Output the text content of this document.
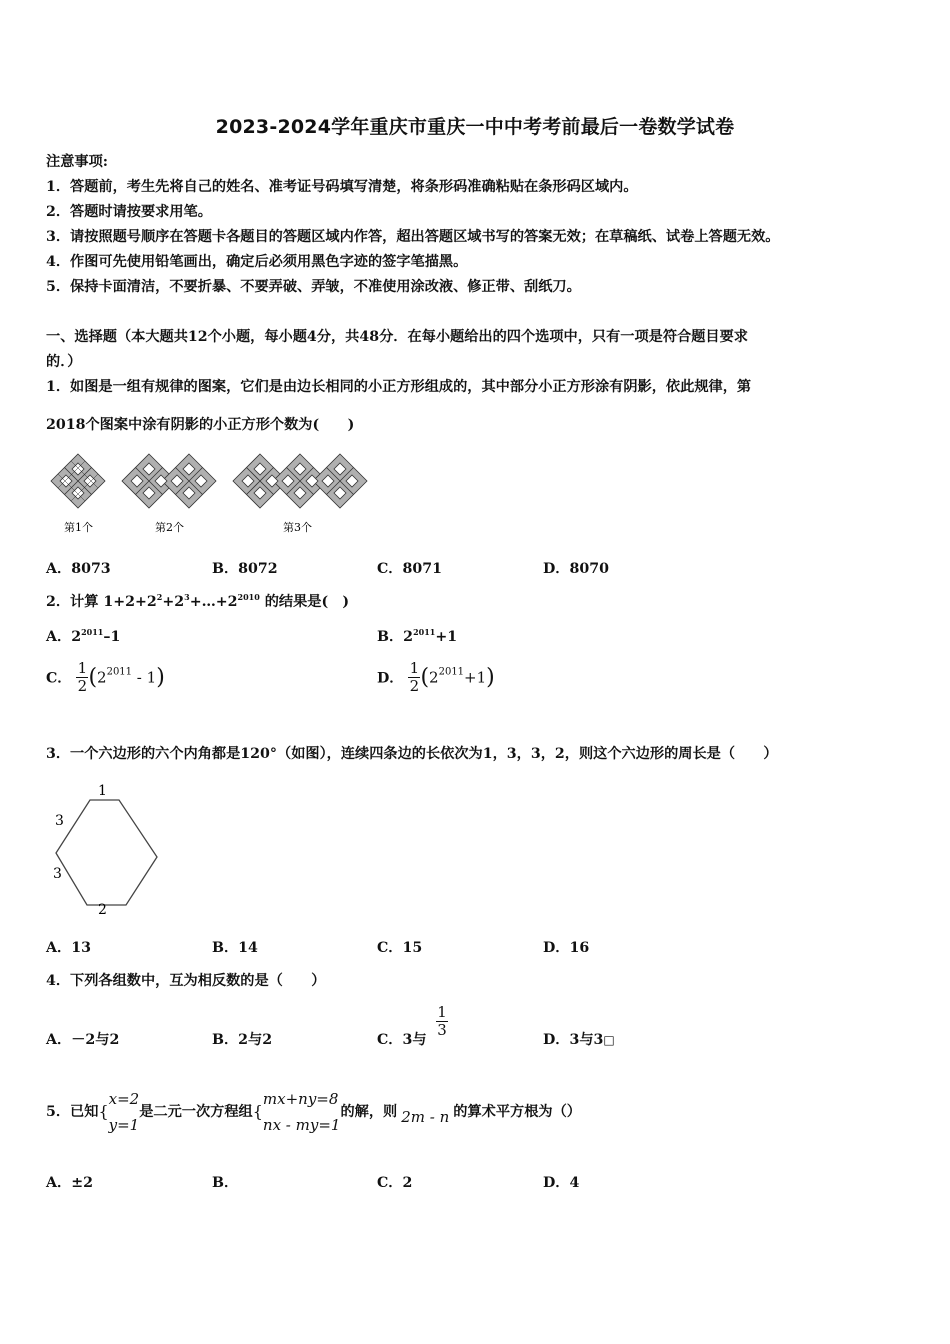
2023-2024学年重庆市重庆一中中考考前最后一卷数学试卷
注意事项:
1．答题前，考生先将自己的姓名、准考证号码填写清楚，将条形码准确粘贴在条形码区域内。
2．答题时请按要求用笔。
3．请按照题号顺序在答题卡各题目的答题区域内作答，超出答题区域书写的答案无效；在草稿纸、试卷上答题无效。
4．作图可先使用铅笔画出，确定后必须用黑色字迹的签字笔描黑。
5．保持卡面清洁，不要折暴、不要弄破、弄皱，不准使用涂改液、修正带、刮纸刀。
一、选择题（本大题共12个小题，每小题4分，共48分．在每小题给出的四个选项中，只有一项是符合题目要求
的．）
1．如图是一组有规律的图案，它们是由边长相同的小正方形组成的，其中部分小正方形涂有阴影，依此规律，第
2018个图案中涂有阴影的小正方形个数为(　　)
第1个	第2个	第3个
A．8073	B．8072	C．8071	D．8070
2．计算 $1+2+2^2+2^3+\dots+2^{2010}$ 的结果是(　)
A．$2^{2011}-1$	B．$2^{2011}+1$
C． $\frac{1}{2} (2^{2011} - 1)$	D． $\frac{1}{2} (2^{2011}+1)$
3．一个六边形的六个内角都是120°（如图），连续四条边的长依次为1，3，3，2，则这个六边形的周长是（　　）
1
3
3
2
A．13	B．14	C．15	D．16
4．下列各组数中，互为相反数的是（　　）
A．－2与2	B．2与2	C．3与
$\frac{1}{3}$
D．3与3□
5．已知{
x=2
y=1
是二元一次方程组{
mx+ny=8
nx - my=1
的解，则 2m - n 的算术平方根为（）
A．±2	B．	C．2	D．4
